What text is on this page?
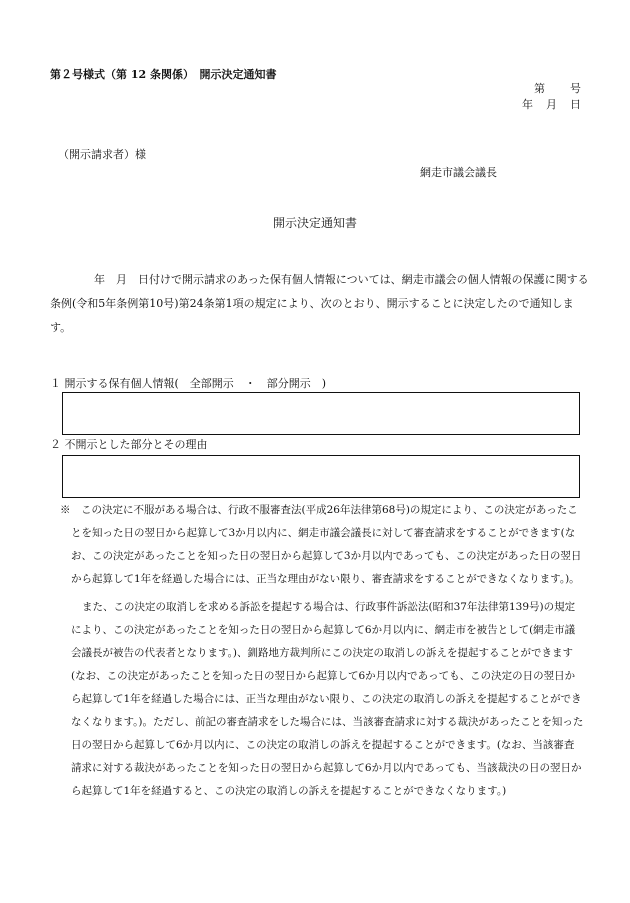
第２号様式（第 12 条関係）　開示決定通知書
第　　号
年　月　日
（開示請求者）様
網走市議会議長
開示決定通知書

　　　　年　月　日付けで開示請求のあった保有個人情報については、網走市議会の個人情報の保護に関する条例(令和5年条例第10号)第24条第1項の規定により、次のとおり、開示することに決定したので通知します。

１ 開示する保有個人情報(　全部開示　・　部分開示　)
２ 不開示とした部分とその理由

※　この決定に不服がある場合は、行政不服審査法(平成26年法律第68号)の規定により、この決定があったことを知った日の翌日から起算して3か月以内に、網走市議会議長に対して審査請求をすることができます(なお、この決定があったことを知った日の翌日から起算して3か月以内であっても、この決定があった日の翌日から起算して1年を経過した場合には、正当な理由がない限り、審査請求をすることができなくなります。)。

また、この決定の取消しを求める訴訟を提起する場合は、行政事件訴訟法(昭和37年法律第139号)の規定により、この決定があったことを知った日の翌日から起算して6か月以内に、網走市を被告として(網走市議会議長が被告の代表者となります。)、釧路地方裁判所にこの決定の取消しの訴えを提起することができます(なお、この決定があったことを知った日の翌日から起算して6か月以内であっても、この決定の日の翌日から起算して1年を経過した場合には、正当な理由がない限り、この決定の取消しの訴えを提起することができなくなります。)。ただし、前記の審査請求をした場合には、当該審査請求に対する裁決があったことを知った日の翌日から起算して6か月以内に、この決定の取消しの訴えを提起することができます。(なお、当該審査請求に対する裁決があったことを知った日の翌日から起算して6か月以内であっても、当該裁決の日の翌日から起算して1年を経過すると、この決定の取消しの訴えを提起することができなくなります。)
